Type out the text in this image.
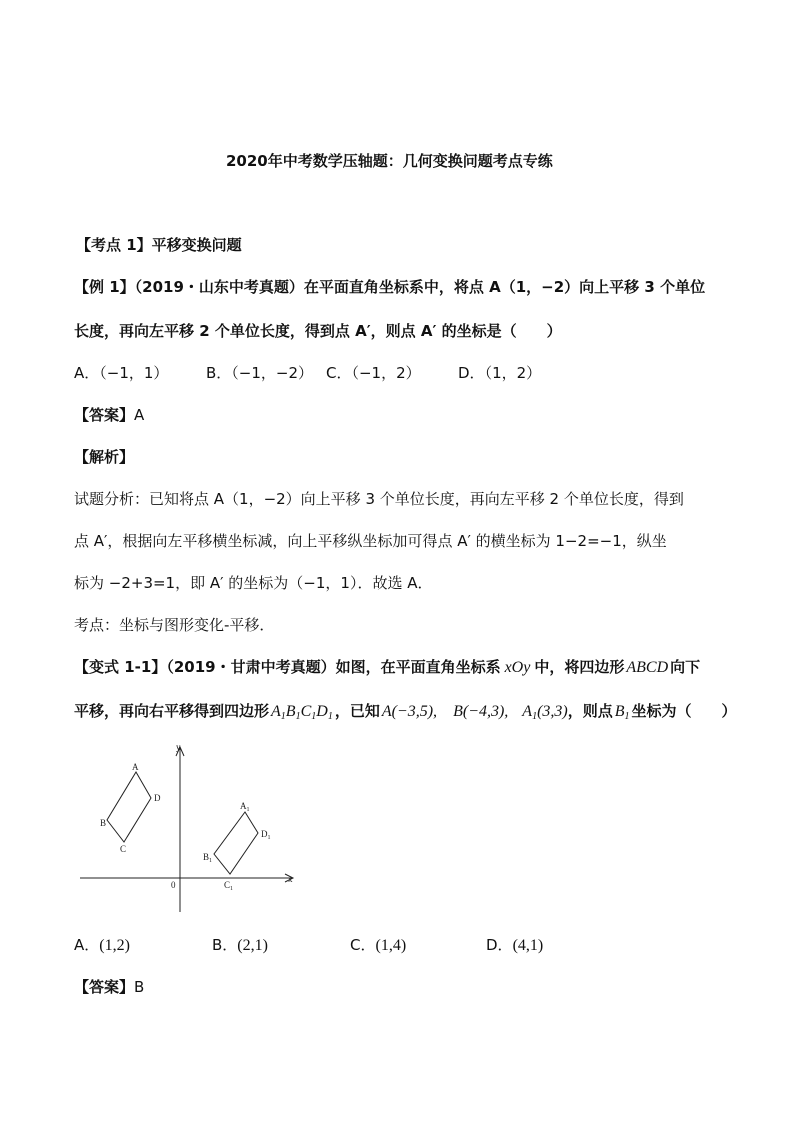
2020年中考数学压轴题：几何变换问题考点专练
【考点 1】平移变换问题
【例 1】（2019・山东中考真题）在平面直角坐标系中，将点 A（1，−2）向上平移 3 个单位
长度，再向左平移 2 个单位长度，得到点 A′，则点 A′ 的坐标是（　　）
A．（−1，1）	B．（−1，−2） C．（−1，2） D．（1，2）
【答案】A
【解析】
试题分析：已知将点 A（1，−2）向上平移 3 个单位长度，再向左平移 2 个单位长度，得到
点 A′，根据向左平移横坐标减，向上平移纵坐标加可得点 A′ 的横坐标为 1−2=−1，纵坐
标为 −2+3=1，即 A′ 的坐标为（−1，1）．故选 A．
考点：坐标与图形变化-平移．
【变式 1-1】（2019・甘肃中考真题）如图，在平面直角坐标系 xOy 中，将四边形 ABCD 向下
平移，再向右平移得到四边形 $A_1B_1C_1D_1$ ，已知 A(−3,5), B(−4,3), $A_1(3,3)$，则点 $B_1$ 坐标为（　　）
x
y
0
A
B
C
D
$A_1$
$B_1$
$C_1$
$D_1$
A．(1,2)	B．(2,1)	C．(1,4)	D．(4,1)
【答案】B
